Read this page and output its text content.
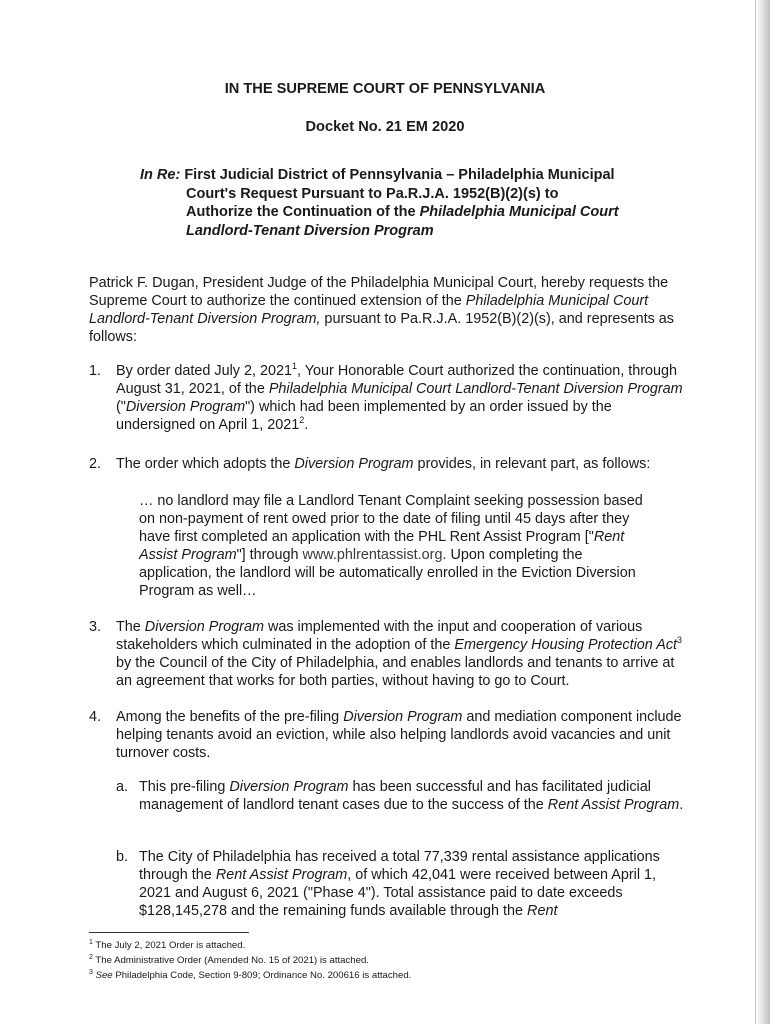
IN THE SUPREME COURT OF PENNSYLVANIA
Docket No. 21 EM 2020
In Re: First Judicial District of Pennsylvania – Philadelphia Municipal
Court's Request Pursuant to Pa.R.J.A. 1952(B)(2)(s) to
Authorize the Continuation of the Philadelphia Municipal Court
Landlord-Tenant Diversion Program
Patrick F. Dugan, President Judge of the Philadelphia Municipal Court, hereby requests the Supreme Court to authorize the continued extension of the Philadelphia Municipal Court Landlord-Tenant Diversion Program, pursuant to Pa.R.J.A. 1952(B)(2)(s), and represents as follows:
1. By order dated July 2, 2021$^1$, Your Honorable Court authorized the continuation, through August 31, 2021, of the Philadelphia Municipal Court Landlord-Tenant Diversion Program ("Diversion Program") which had been implemented by an order issued by the undersigned on April 1, 2021$^2$.
2. The order which adopts the Diversion Program provides, in relevant part, as follows:
… no landlord may file a Landlord Tenant Complaint seeking possession based on non-payment of rent owed prior to the date of filing until 45 days after they have first completed an application with the PHL Rent Assist Program ["Rent Assist Program"] through www.phlrentassist.org. Upon completing the application, the landlord will be automatically enrolled in the Eviction Diversion Program as well…
3. The Diversion Program was implemented with the input and cooperation of various stakeholders which culminated in the adoption of the Emergency Housing Protection Act$^3$ by the Council of the City of Philadelphia, and enables landlords and tenants to arrive at an agreement that works for both parties, without having to go to Court.
4. Among the benefits of the pre-filing Diversion Program and mediation component include helping tenants avoid an eviction, while also helping landlords avoid vacancies and unit turnover costs.
a. This pre-filing Diversion Program has been successful and has facilitated judicial management of landlord tenant cases due to the success of the Rent Assist Program.
b. The City of Philadelphia has received a total 77,339 rental assistance applications through the Rent Assist Program, of which 42,041 were received between April 1, 2021 and August 6, 2021 ("Phase 4"). Total assistance paid to date exceeds $128,145,278 and the remaining funds available through the Rent
$^1$ The July 2, 2021 Order is attached.
$^2$ The Administrative Order (Amended No. 15 of 2021) is attached.
$^3$ See Philadelphia Code, Section 9-809; Ordinance No. 200616 is attached.
